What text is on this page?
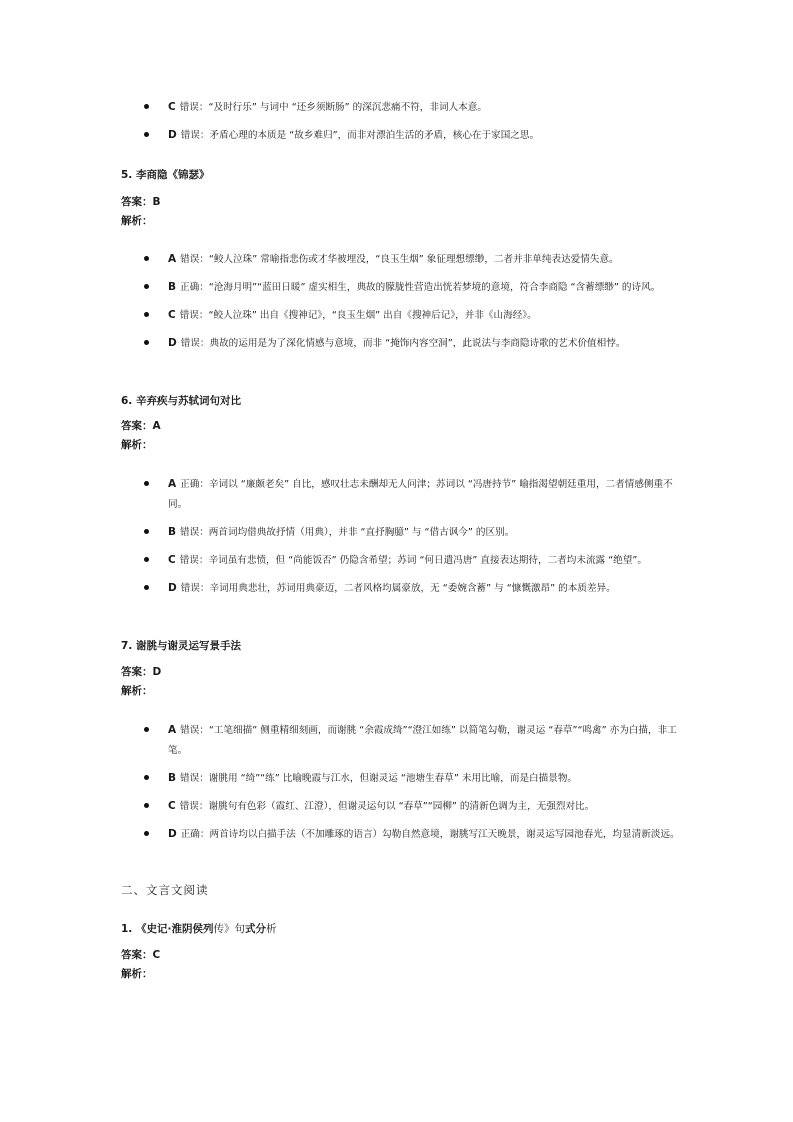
C 错误：“及时行乐” 与词中 “还乡须断肠” 的深沉悲痛不符，非词人本意。
D 错误：矛盾心理的本质是 “故乡难归”，而非对漂泊生活的矛盾，核心在于家国之思。
5. 李商隐《锦瑟》
答案：B
解析：
A 错误：“鲛人泣珠” 常喻指悲伤或才华被埋没，“良玉生烟” 象征理想缥缈，二者并非单纯表达爱情失意。
B 正确：“沧海月明”“蓝田日暖” 虚实相生，典故的朦胧性营造出恍若梦境的意境，符合李商隐 “含蓄缥缈” 的诗风。
C 错误：“鲛人泣珠” 出自《搜神记》，“良玉生烟” 出自《搜神后记》，并非《山海经》。
D 错误：典故的运用是为了深化情感与意境，而非 “掩饰内容空洞”，此说法与李商隐诗歌的艺术价值相悖。
6. 辛弃疾与苏轼词句对比
答案：A
解析：
A 正确：辛词以 “廉颇老矣” 自比，感叹壮志未酬却无人问津；苏词以 “冯唐持节” 喻指渴望朝廷重用，二者情感侧重不同。
B 错误：两首词均借典故抒情（用典），并非 “直抒胸臆” 与 “借古讽今” 的区别。
C 错误：辛词虽有悲愤，但 “尚能饭否” 仍隐含希望；苏词 “何日遣冯唐” 直接表达期待，二者均未流露 “绝望”。
D 错误：辛词用典悲壮，苏词用典豪迈，二者风格均属豪放，无 “委婉含蓄” 与 “慷慨激昂” 的本质差异。
7. 谢朓与谢灵运写景手法
答案：D
解析：
A 错误：“工笔细描” 侧重精细刻画，而谢朓 “余霞成绮”“澄江如练” 以简笔勾勒，谢灵运 “春草”“鸣禽” 亦为白描，非工笔。
B 错误：谢朓用 “绮”“练” 比喻晚霞与江水，但谢灵运 “池塘生春草” 未用比喻，而是白描景物。
C 错误：谢朓句有色彩（霞红、江澄），但谢灵运句以 “春草”“园柳” 的清新色调为主，无强烈对比。
D 正确：两首诗均以白描手法（不加雕琢的语言）勾勒自然意境，谢朓写江天晚景，谢灵运写园池春光，均显清新淡远。
二、文言文阅读
1. 《史记·淮阴侯列传》句式分析
答案：C
解析：
